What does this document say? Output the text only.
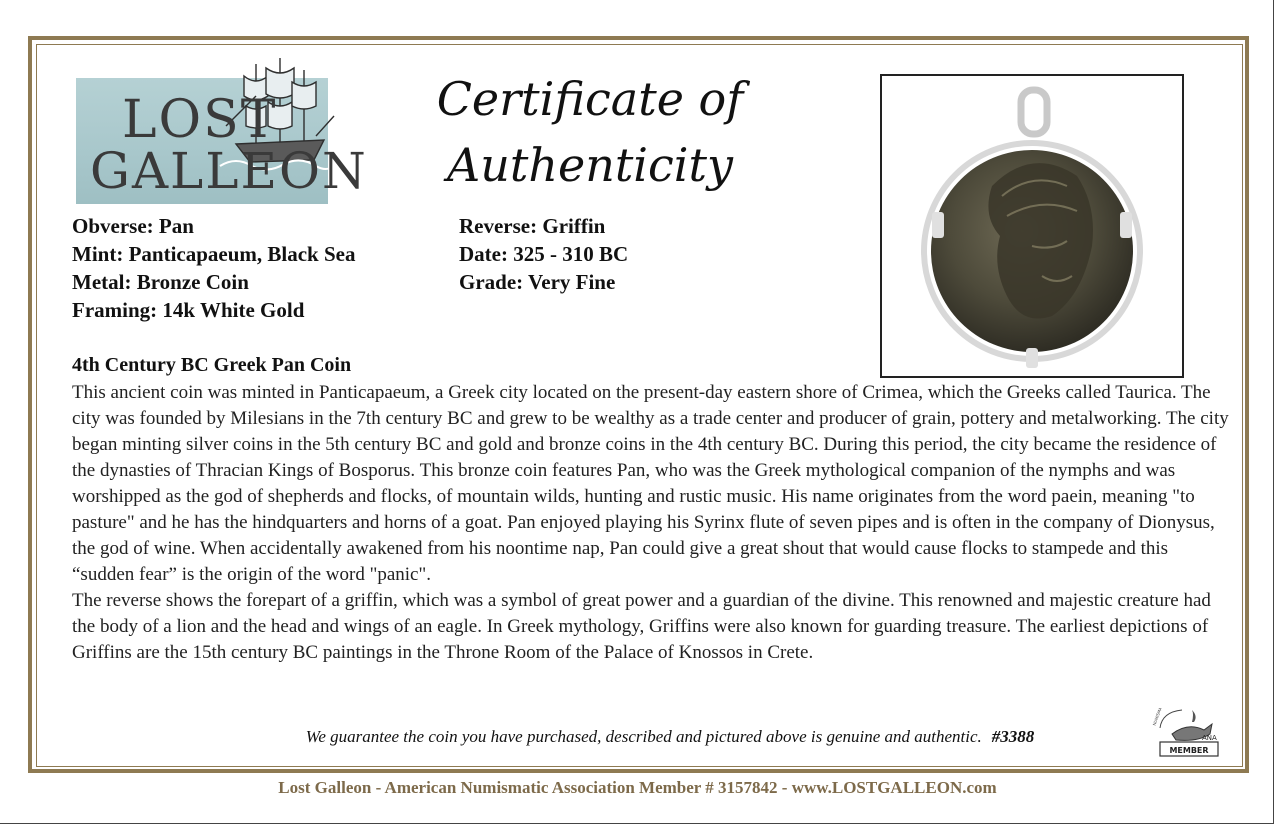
LOST
GALLEON
Certificate of
Authenticity
Obverse: Pan
Mint: Panticapaeum, Black Sea
Metal: Bronze Coin
Framing: 14k White Gold
Reverse: Griffin
Date: 325 - 310 BC
Grade: Very Fine
4th Century BC Greek Pan Coin

This ancient coin was minted in Panticapaeum, a Greek city located on the present-day eastern shore of Crimea, which the Greeks called Taurica. The city was founded by Milesians in the 7th century BC and grew to be wealthy as a trade center and producer of grain, pottery and metalworking. The city began minting silver coins in the 5th century BC and gold and bronze coins in the 4th century BC. During this period, the city became the residence of the dynasties of Thracian Kings of Bosporus. This bronze coin features Pan, who was the Greek mythological companion of the nymphs and was worshipped as the god of shepherds and flocks, of mountain wilds, hunting and rustic music. His name originates from the word paein, meaning "to pasture" and he has the hindquarters and horns of a goat. Pan enjoyed playing his Syrinx flute of seven pipes and is often in the company of Dionysus, the god of wine. When accidentally awakened from his noontime nap, Pan could give a great shout that would cause flocks to stampede and this “sudden fear” is the origin of the word "panic".

The reverse shows the forepart of a griffin, which was a symbol of great power and a guardian of the divine. This renowned and majestic creature had the body of a lion and the head and wings of an eagle. In Greek mythology, Griffins were also known for guarding treasure. The earliest depictions of Griffins are the 15th century BC paintings in the Throne Room of the Palace of Knossos in Crete.

We guarantee the coin you have purchased, described and pictured above is genuine and authentic. #3388	ANA
MEMBER
NUMISMATIC
Lost Galleon - American Numismatic Association Member # 3157842 - www.LOSTGALLEON.com
